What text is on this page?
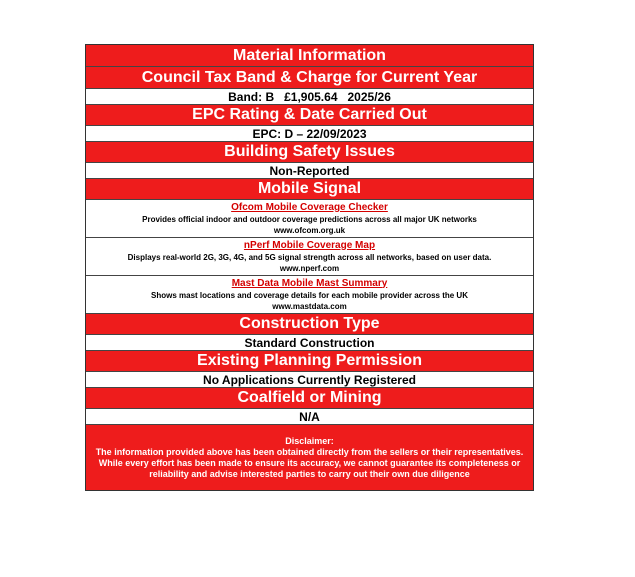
Material Information
Council Tax Band & Charge for Current Year
Band: B   £1,905.64   2025/26
EPC Rating & Date Carried Out
EPC: D – 22/09/2023
Building Safety Issues
Non-Reported
Mobile Signal
Ofcom Mobile Coverage Checker
Provides official indoor and outdoor coverage predictions across all major UK networks
www.ofcom.org.uk
nPerf Mobile Coverage Map
Displays real-world 2G, 3G, 4G, and 5G signal strength across all networks, based on user data.
www.nperf.com
Mast Data Mobile Mast Summary
Shows mast locations and coverage details for each mobile provider across the UK
www.mastdata.com
Construction Type
Standard Construction
Existing Planning Permission
No Applications Currently Registered
Coalfield or Mining
N/A
Disclaimer:
The information provided above has been obtained directly from the sellers or their representatives. While every effort has been made to ensure its accuracy, we cannot guarantee its completeness or reliability and advise interested parties to carry out their own due diligence
